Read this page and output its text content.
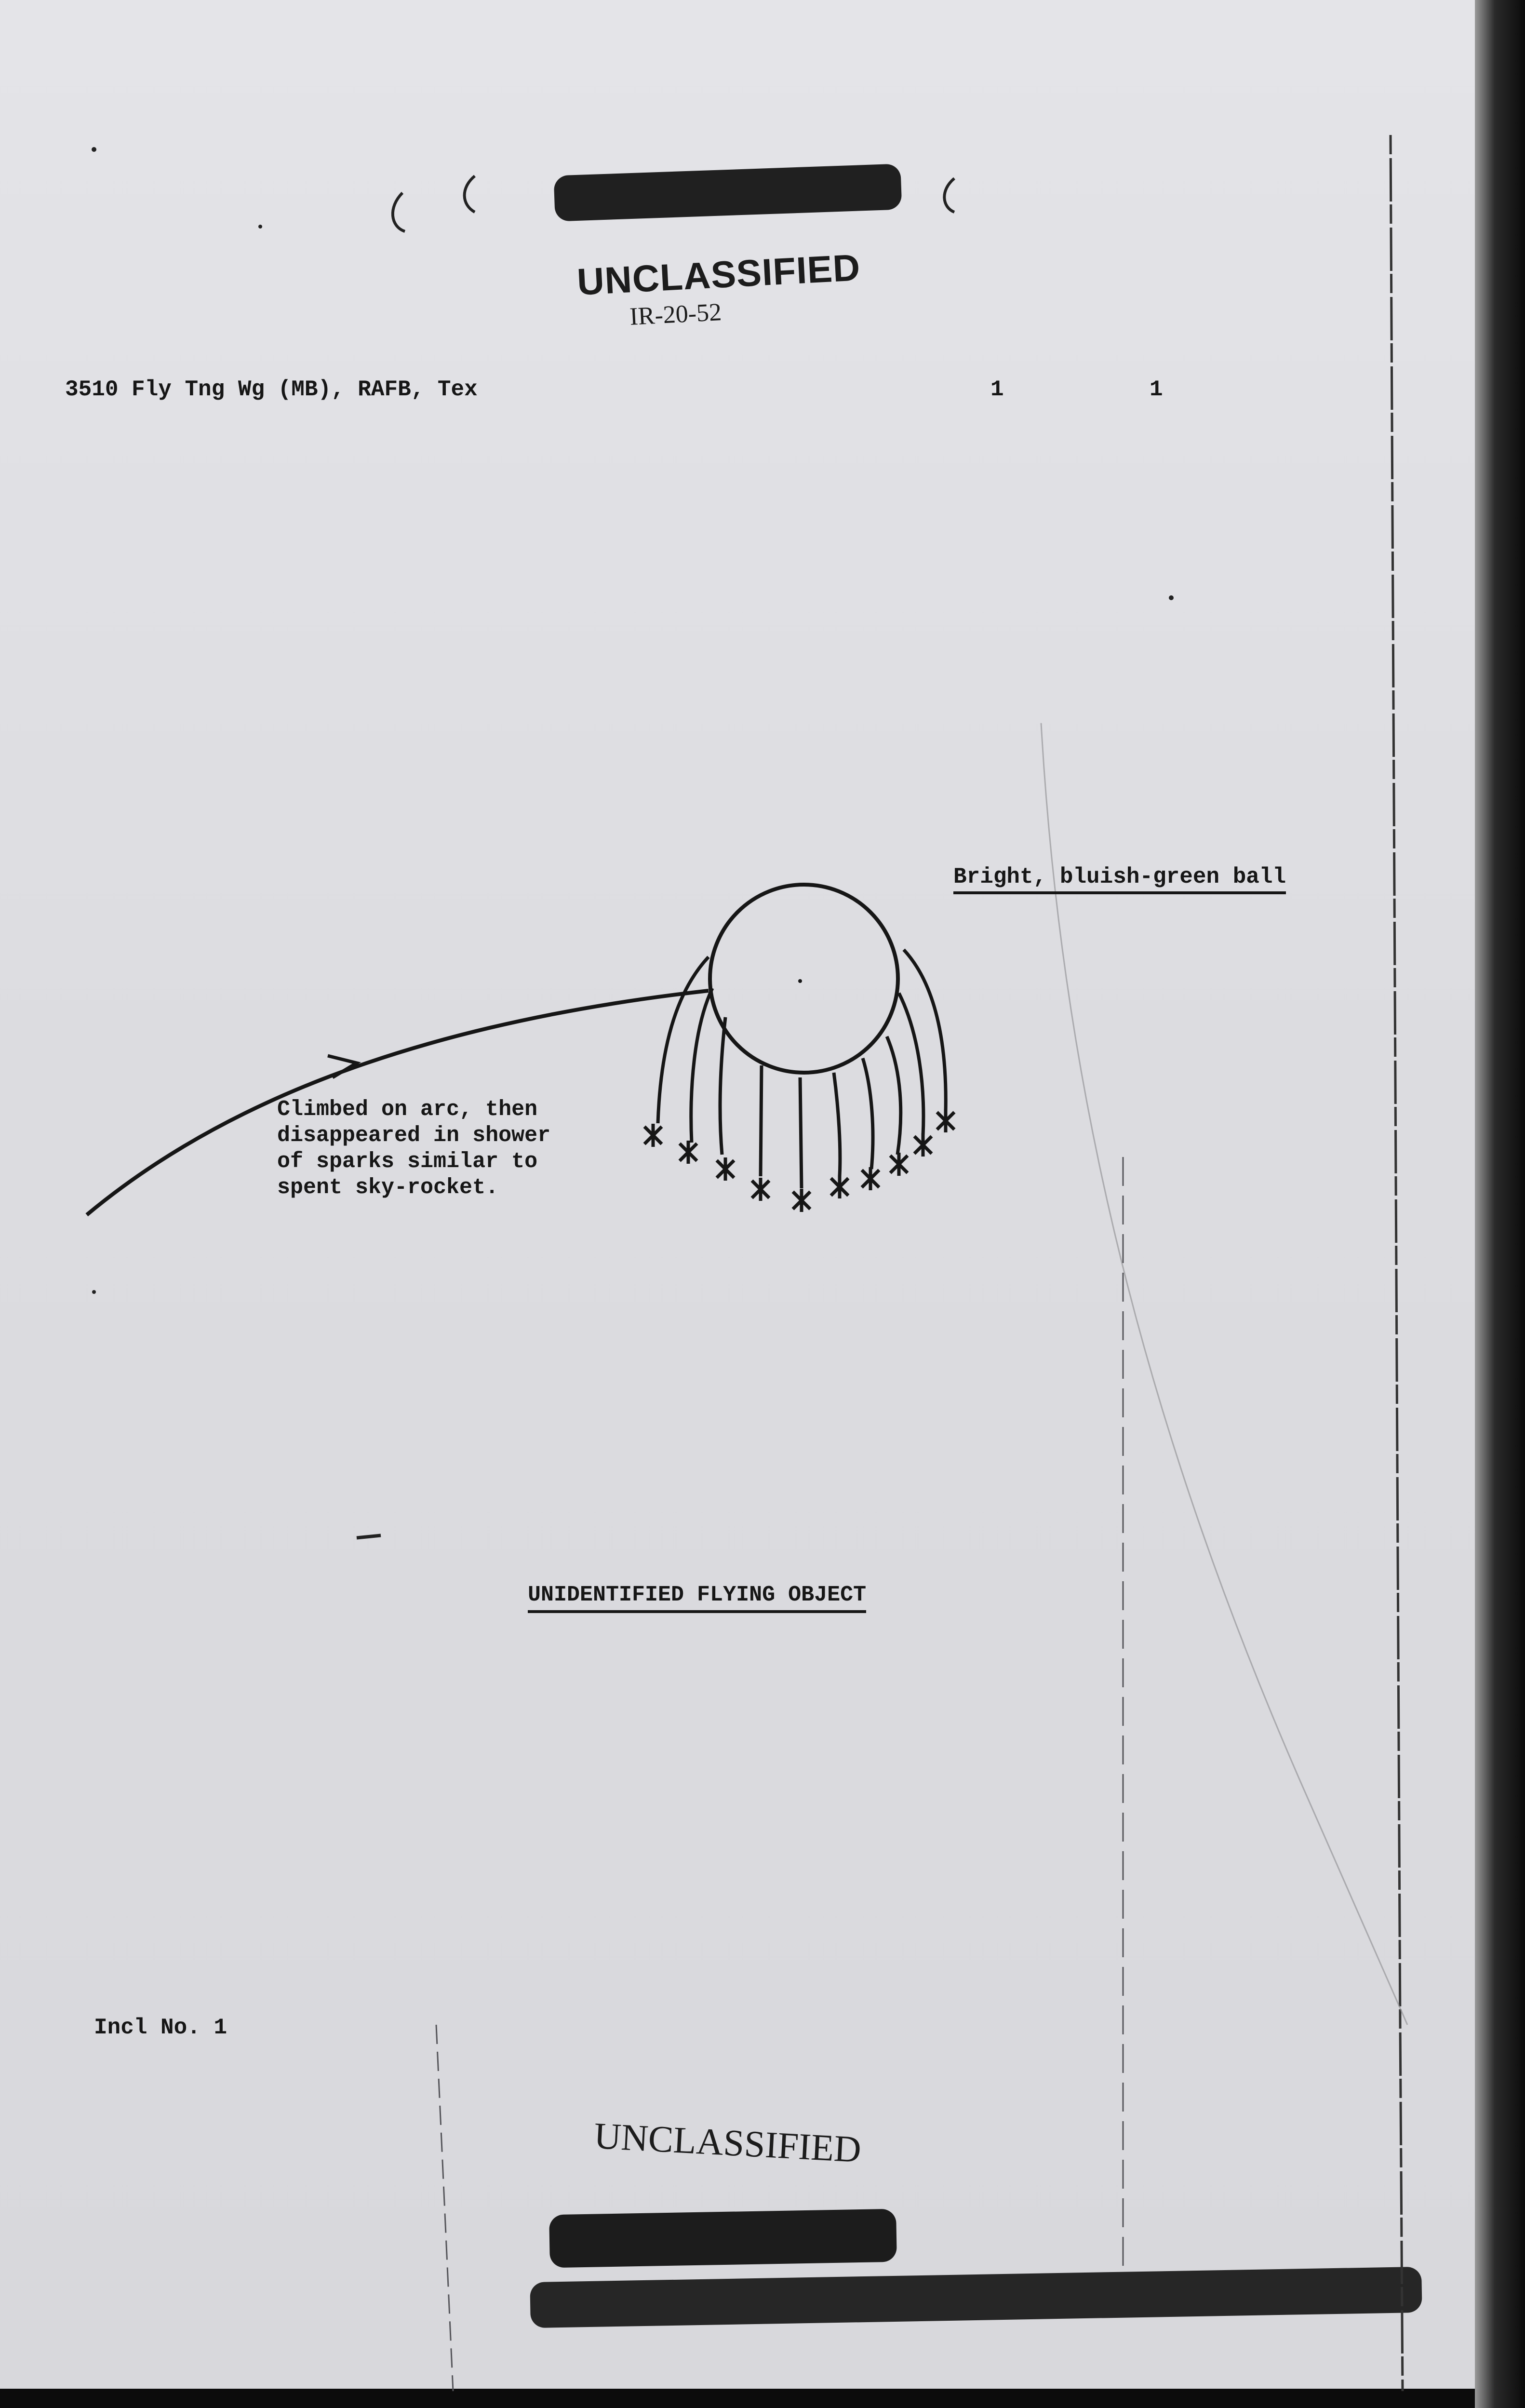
UNCLASSIFIED
IR-20-52
3510 Fly Tng Wg (MB), RAFB, Tex	1	1
Bright, bluish-green ball
Climbed on arc, then
disappeared in shower
of sparks similar to
spent sky-rocket.
UNIDENTIFIED FLYING OBJECT
Incl No. 1
UNCLASSIFIED
